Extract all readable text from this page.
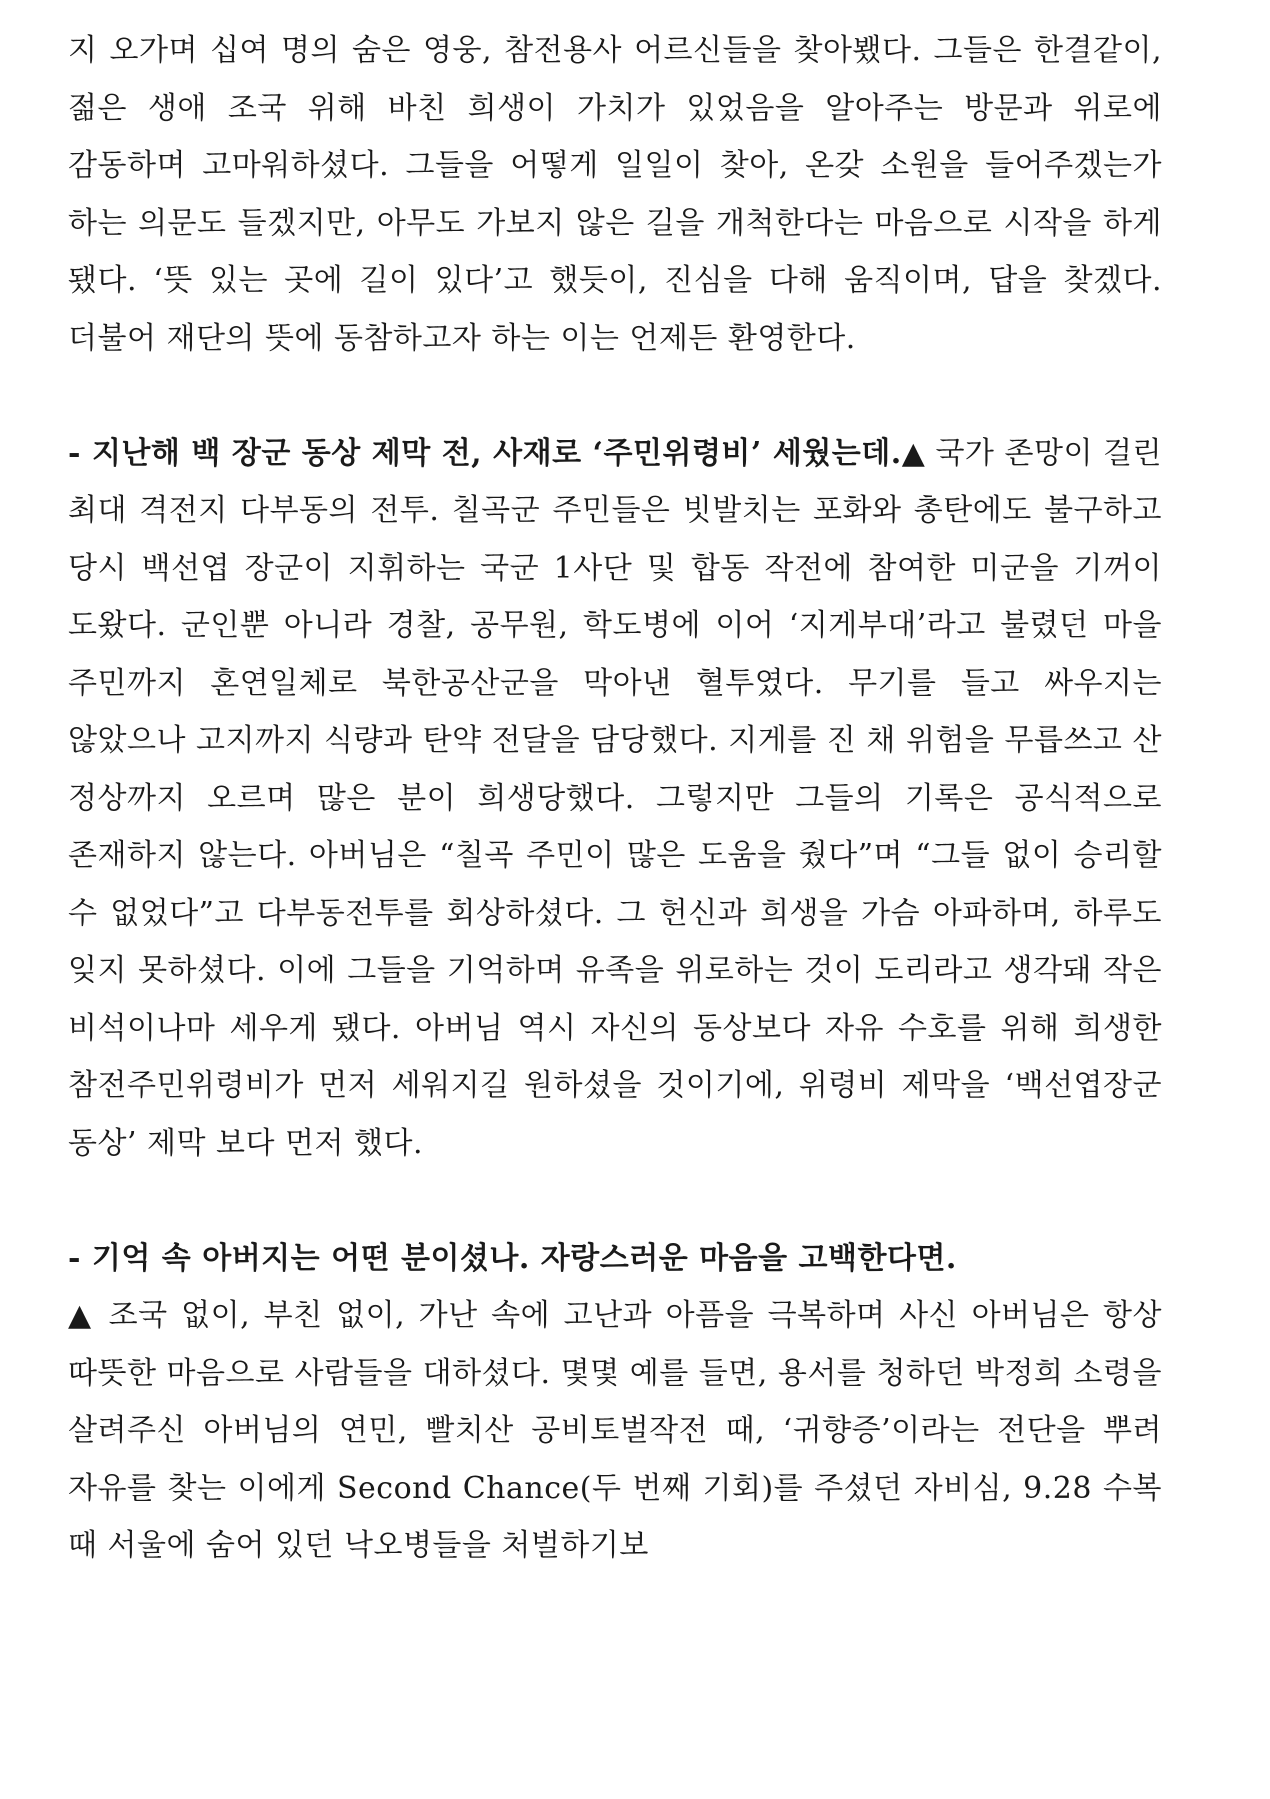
지 오가며 십여 명의 숨은 영웅, 참전용사 어르신들을 찾아뵀다. 그들은 한결같이, 젊은 생애 조국 위해 바친 희생이 가치가 있었음을 알아주는 방문과 위로에 감동하며 고마워하셨다. 그들을 어떻게 일일이 찾아, 온갖 소원을 들어주겠는가 하는 의문도 들겠지만, 아무도 가보지 않은 길을 개척한다는 마음으로 시작을 하게 됐다. ‘뜻 있는 곳에 길이 있다’고 했듯이, 진심을 다해 움직이며, 답을 찾겠다. 더불어 재단의 뜻에 동참하고자 하는 이는 언제든 환영한다.

- 지난해 백 장군 동상 제막 전, 사재로 ‘주민위령비’ 세웠는데.▲ 국가 존망이 걸린 최대 격전지 다부동의 전투. 칠곡군 주민들은 빗발치는 포화와 총탄에도 불구하고 당시 백선엽 장군이 지휘하는 국군 1사단 및 합동 작전에 참여한 미군을 기꺼이 도왔다. 군인뿐 아니라 경찰, 공무원, 학도병에 이어 ‘지게부대’라고 불렸던 마을 주민까지 혼연일체로 북한공산군을 막아낸 혈투였다. 무기를 들고 싸우지는 않았으나 고지까지 식량과 탄약 전달을 담당했다. 지게를 진 채 위험을 무릅쓰고 산 정상까지 오르며 많은 분이 희생당했다. 그렇지만 그들의 기록은 공식적으로 존재하지 않는다. 아버님은 “칠곡 주민이 많은 도움을 줬다”며 “그들 없이 승리할 수 없었다”고 다부동전투를 회상하셨다. 그 헌신과 희생을 가슴 아파하며, 하루도 잊지 못하셨다. 이에 그들을 기억하며 유족을 위로하는 것이 도리라고 생각돼 작은 비석이나마 세우게 됐다. 아버님 역시 자신의 동상보다 자유 수호를 위해 희생한 참전주민위령비가 먼저 세워지길 원하셨을 것이기에, 위령비 제막을 ‘백선엽장군 동상’ 제막 보다 먼저 했다.

- 기억 속 아버지는 어떤 분이셨나. 자랑스러운 마음을 고백한다면.
▲ 조국 없이, 부친 없이, 가난 속에 고난과 아픔을 극복하며 사신 아버님은 항상 따뜻한 마음으로 사람들을 대하셨다. 몇몇 예를 들면, 용서를 청하던 박정희 소령을 살려주신 아버님의 연민, 빨치산 공비토벌작전 때, ‘귀향증’이라는 전단을 뿌려 자유를 찾는 이에게 Second Chance(두 번째 기회)를 주셨던 자비심, 9.28 수복 때 서울에 숨어 있던 낙오병들을 처벌하기보
